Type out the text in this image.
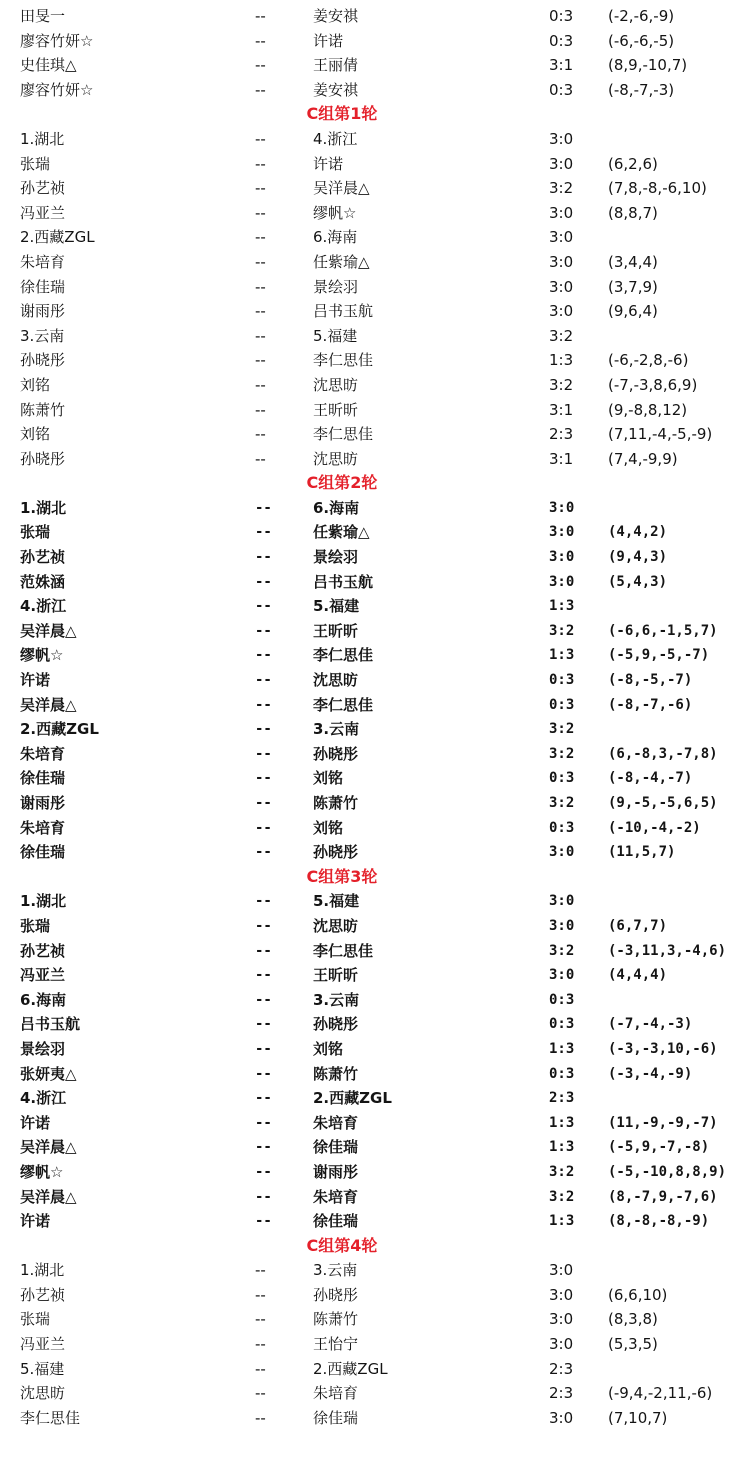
田旻一	--	姜安祺	0:3 (-2,-6,-9)
廖容竹妍☆	--	许诺	0:3 (-6,-6,-5)
史佳琪△	--	王丽倩	3:1 (8,9,-10,7)
廖容竹妍☆	--	姜安祺	0:3 (-8,-7,-3)
C组第1轮
1.湖北	--	4.浙江	3:0
张瑞	--	许诺	3:0 (6,2,6)
孙艺祯	--	吴洋晨△	3:2 (7,8,-8,-6,10)
冯亚兰	--	缪帆☆	3:0 (8,8,7)
2.西藏ZGL	--	6.海南	3:0
朱培育	--	任紫瑜△	3:0 (3,4,4)
徐佳瑞	--	景绘羽	3:0 (3,7,9)
谢雨彤	--	吕书玉航	3:0 (9,6,4)
3.云南	--	5.福建	3:2
孙晓彤	--	李仁思佳	1:3 (-6,-2,8,-6)
刘铭	--	沈思昉	3:2 (-7,-3,8,6,9)
陈萧竹	--	王昕昕	3:1 (9,-8,8,12)
刘铭	--	李仁思佳	2:3 (7,11,-4,-5,-9)
孙晓彤	--	沈思昉	3:1 (7,4,-9,9)
C组第2轮
1.湖北	--	6.海南	3:0
张瑞	--	任紫瑜△	3:0 (4,4,2)
孙艺祯	--	景绘羽	3:0 (9,4,3)
范姝涵	--	吕书玉航	3:0 (5,4,3)
4.浙江	--	5.福建	1:3
吴洋晨△	--	王昕昕	3:2 (-6,6,-1,5,7)
缪帆☆	--	李仁思佳	1:3 (-5,9,-5,-7)
许诺	--	沈思昉	0:3 (-8,-5,-7)
吴洋晨△	--	李仁思佳	0:3 (-8,-7,-6)
2.西藏ZGL	--	3.云南	3:2
朱培育	--	孙晓彤	3:2 (6,-8,3,-7,8)
徐佳瑞	--	刘铭	0:3 (-8,-4,-7)
谢雨彤	--	陈萧竹	3:2 (9,-5,-5,6,5)
朱培育	--	刘铭	0:3 (-10,-4,-2)
徐佳瑞	--	孙晓彤	3:0 (11,5,7)
C组第3轮
1.湖北	--	5.福建	3:0
张瑞	--	沈思昉	3:0 (6,7,7)
孙艺祯	--	李仁思佳	3:2 (-3,11,3,-4,6)
冯亚兰	--	王昕昕	3:0 (4,4,4)
6.海南	--	3.云南	0:3
吕书玉航	--	孙晓彤	0:3 (-7,-4,-3)
景绘羽	--	刘铭	1:3 (-3,-3,10,-6)
张妍夷△	--	陈萧竹	0:3 (-3,-4,-9)
4.浙江	--	2.西藏ZGL	2:3
许诺	--	朱培育	1:3 (11,-9,-9,-7)
吴洋晨△	--	徐佳瑞	1:3 (-5,9,-7,-8)
缪帆☆	--	谢雨彤	3:2 (-5,-10,8,8,9)
吴洋晨△	--	朱培育	3:2 (8,-7,9,-7,6)
许诺	--	徐佳瑞	1:3 (8,-8,-8,-9)
C组第4轮
1.湖北	--	3.云南	3:0
孙艺祯	--	孙晓彤	3:0 (6,6,10)
张瑞	--	陈萧竹	3:0 (8,3,8)
冯亚兰	--	王怡宁	3:0 (5,3,5)
5.福建	--	2.西藏ZGL	2:3
沈思昉	--	朱培育	2:3 (-9,4,-2,11,-6)
李仁思佳	--	徐佳瑞	3:0 (7,10,7)
